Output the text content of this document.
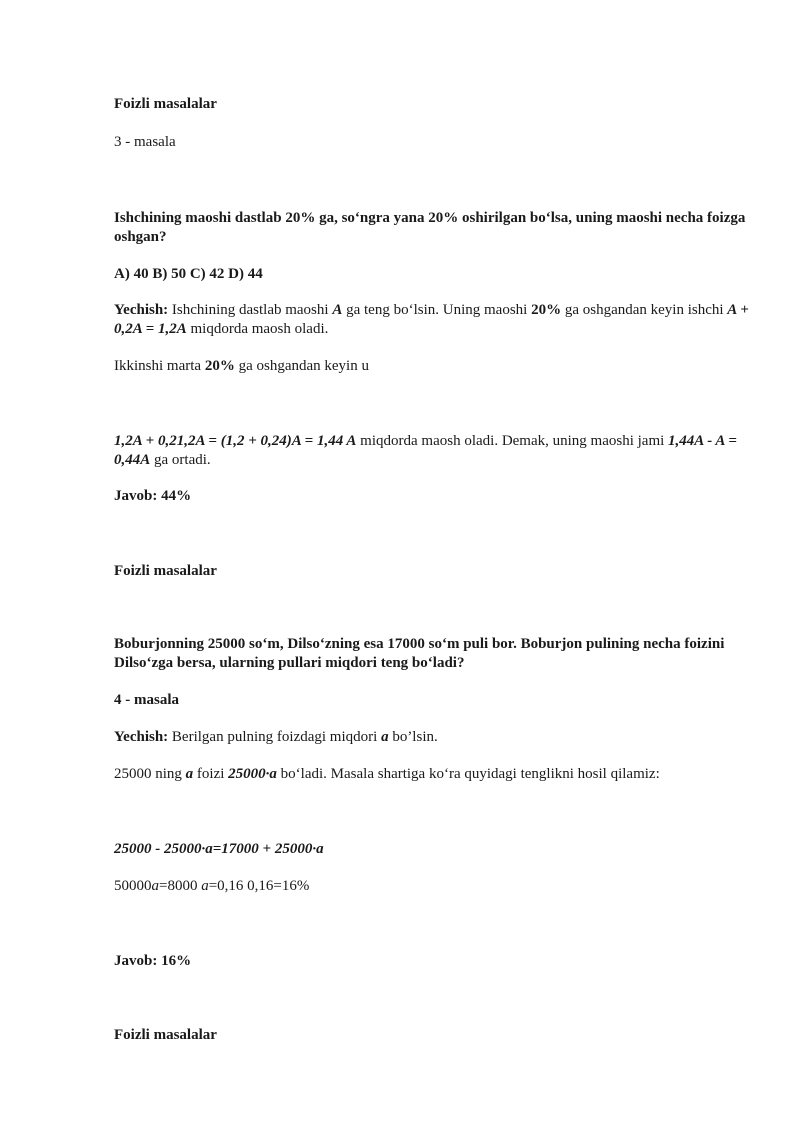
Foizli masalalar

3 - masala

Ishchining maoshi dastlab 20% ga, so‘ngra yana 20% oshirilgan bo‘lsa, uning maoshi necha foizga oshgan?

A) 40 B) 50 C) 42 D) 44

Yechish: Ishchining dastlab maoshi A ga teng bo‘lsin. Uning maoshi 20% ga oshgandan keyin ishchi A + 0,2A = 1,2A miqdorda maosh oladi.

Ikkinshi marta 20% ga oshgandan keyin u

1,2A + 0,21,2A = (1,2 + 0,24)A = 1,44 A miqdorda maosh oladi. Demak, uning maoshi jami 1,44A - A = 0,44A ga ortadi.

Javob: 44%

Foizli masalalar

Boburjonning 25000 so‘m, Dilso‘zning esa 17000 so‘m puli bor. Boburjon pulining necha foizini Dilso‘zga bersa, ularning pullari miqdori teng bo‘ladi?

4 - masala

Yechish: Berilgan pulning foizdagi miqdori a bo’lsin.

25000 ning a foizi 25000·a bo‘ladi. Masala shartiga ko‘ra quyidagi tenglikni hosil qilamiz:

25000 - 25000·a=17000 + 25000·a

50000a=8000 a=0,16 0,16=16%

Javob: 16%

Foizli masalalar
